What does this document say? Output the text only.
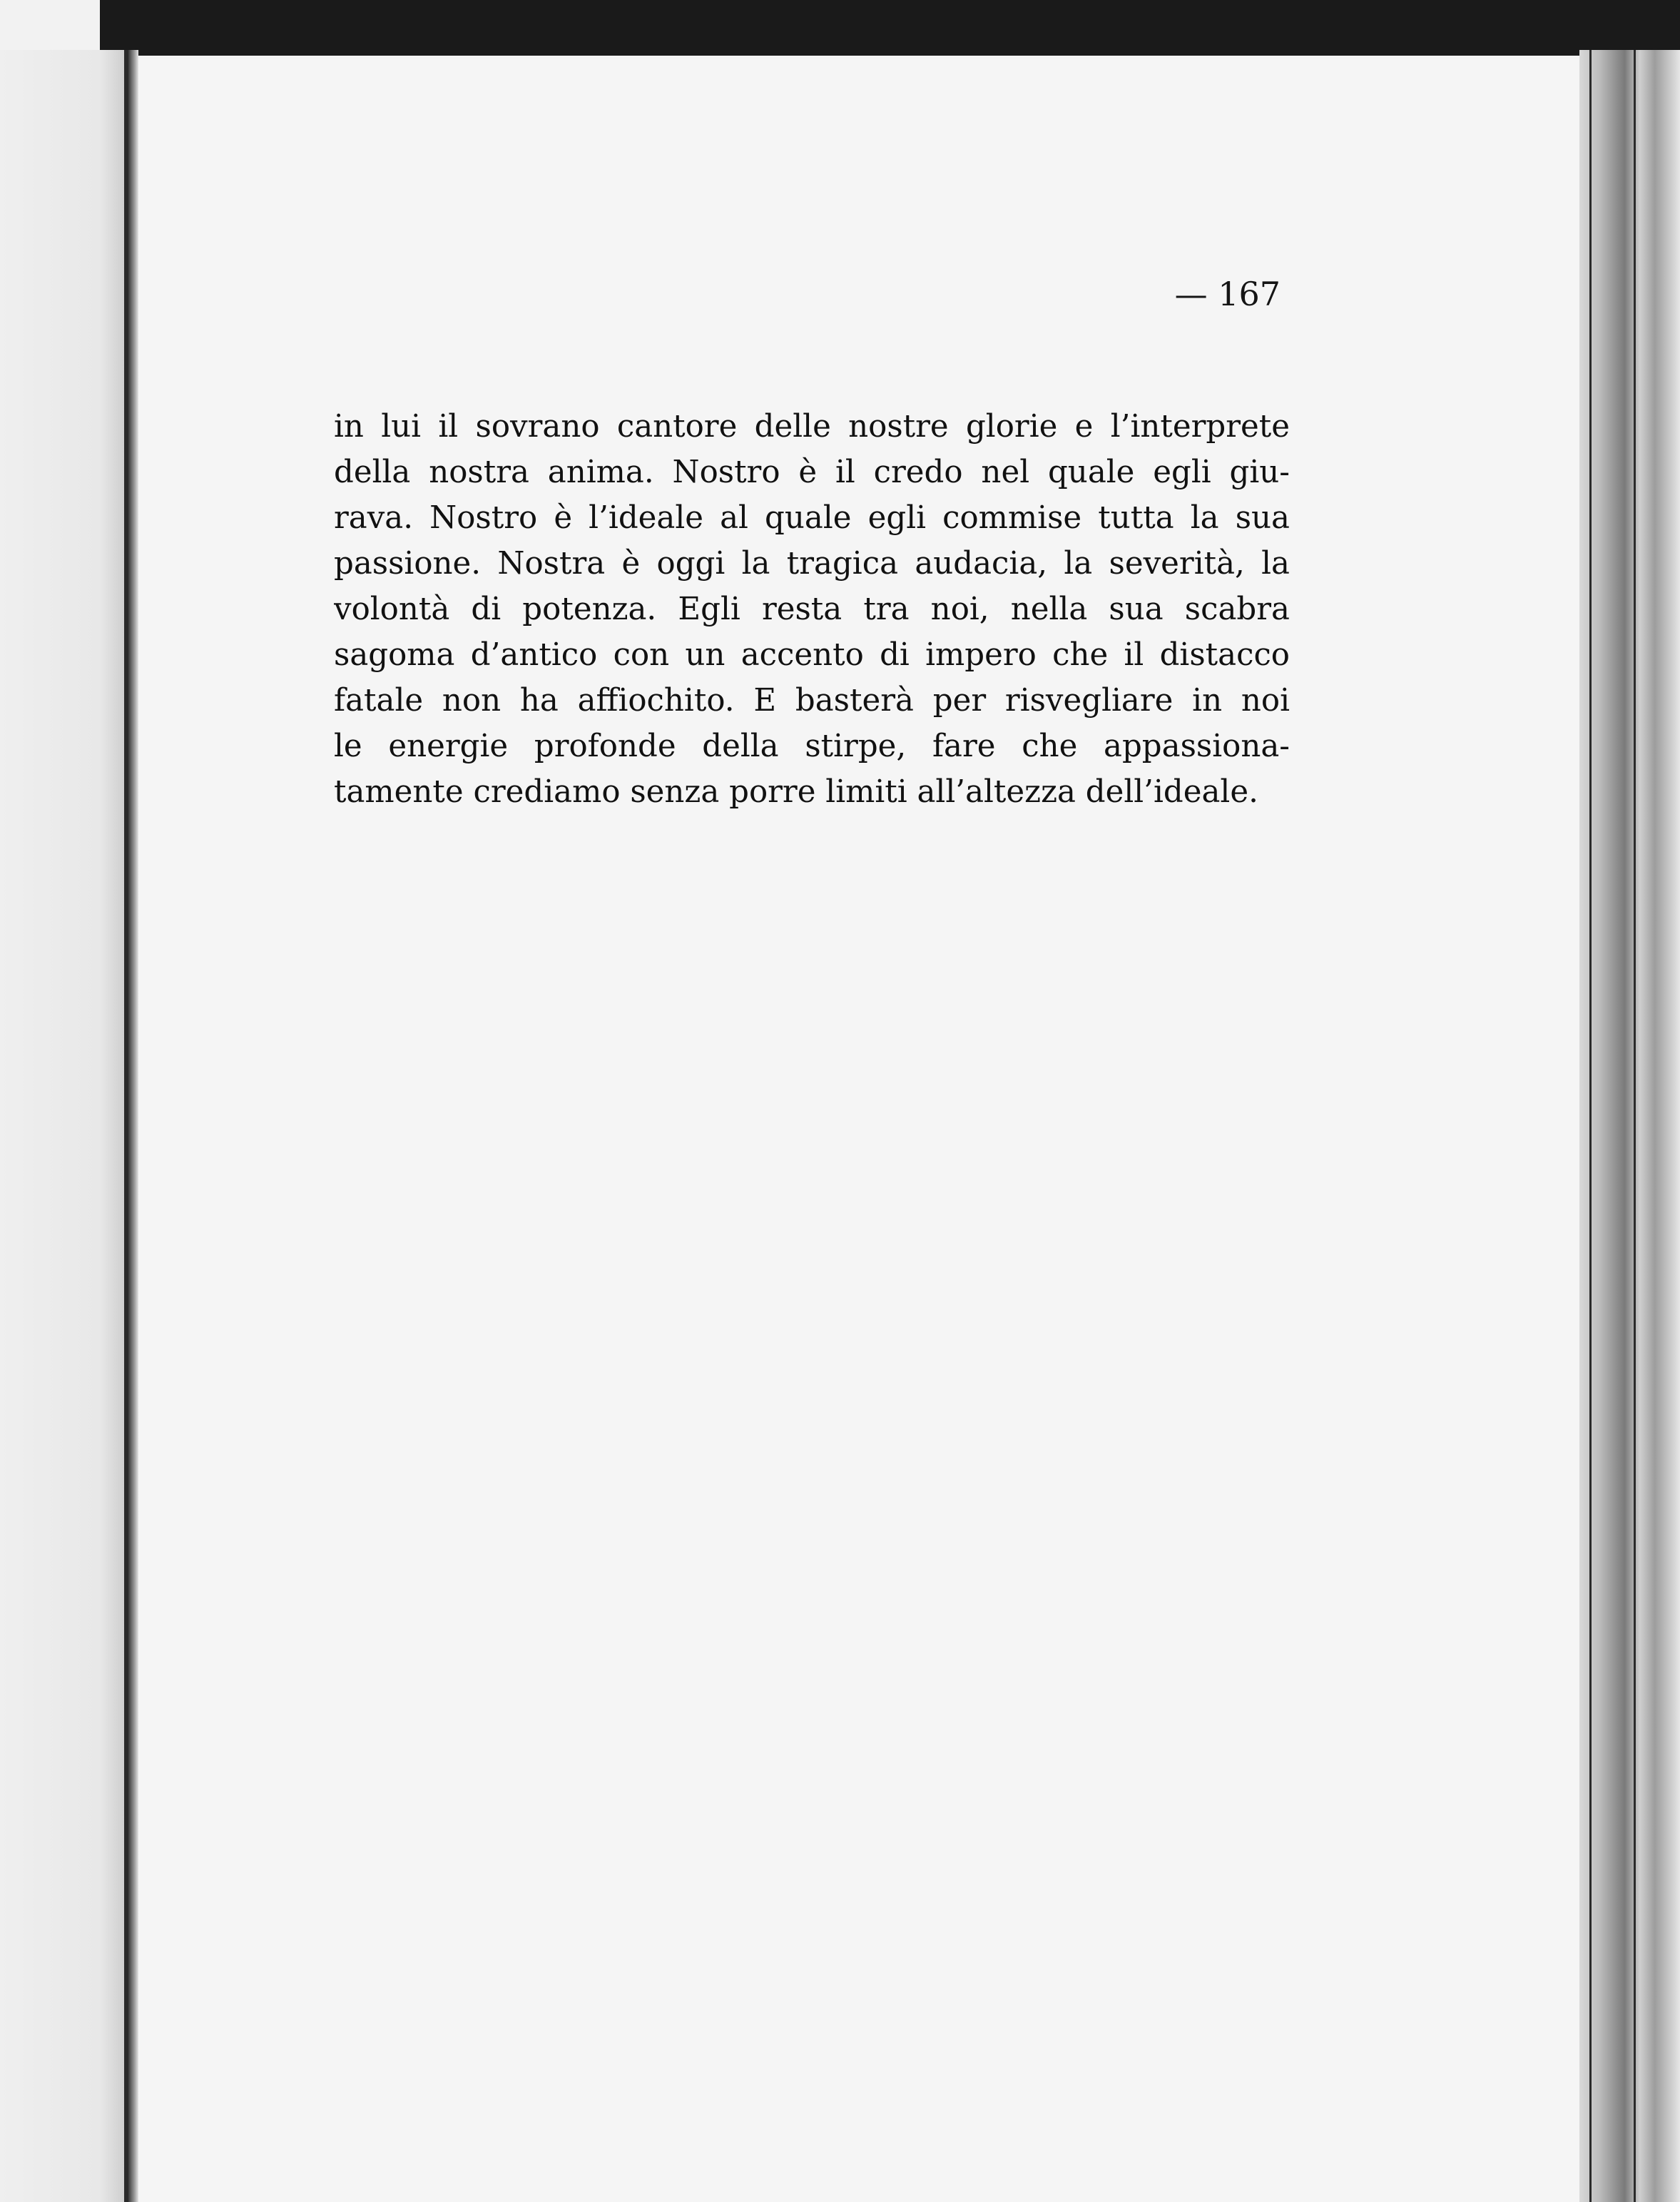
— 167
in lui il sovrano cantore delle nostre glorie e l’interprete
della nostra anima. Nostro è il credo nel quale egli giu-
rava. Nostro è l’ideale al quale egli commise tutta la sua
passione. Nostra è oggi la tragica audacia, la severità, la
volontà di potenza. Egli resta tra noi, nella sua scabra
sagoma d’antico con un accento di impero che il distacco
fatale non ha affiochito. E basterà per risvegliare in noi
le energie profonde della stirpe, fare che appassiona-
tamente crediamo senza porre limiti all’altezza dell’ideale.
